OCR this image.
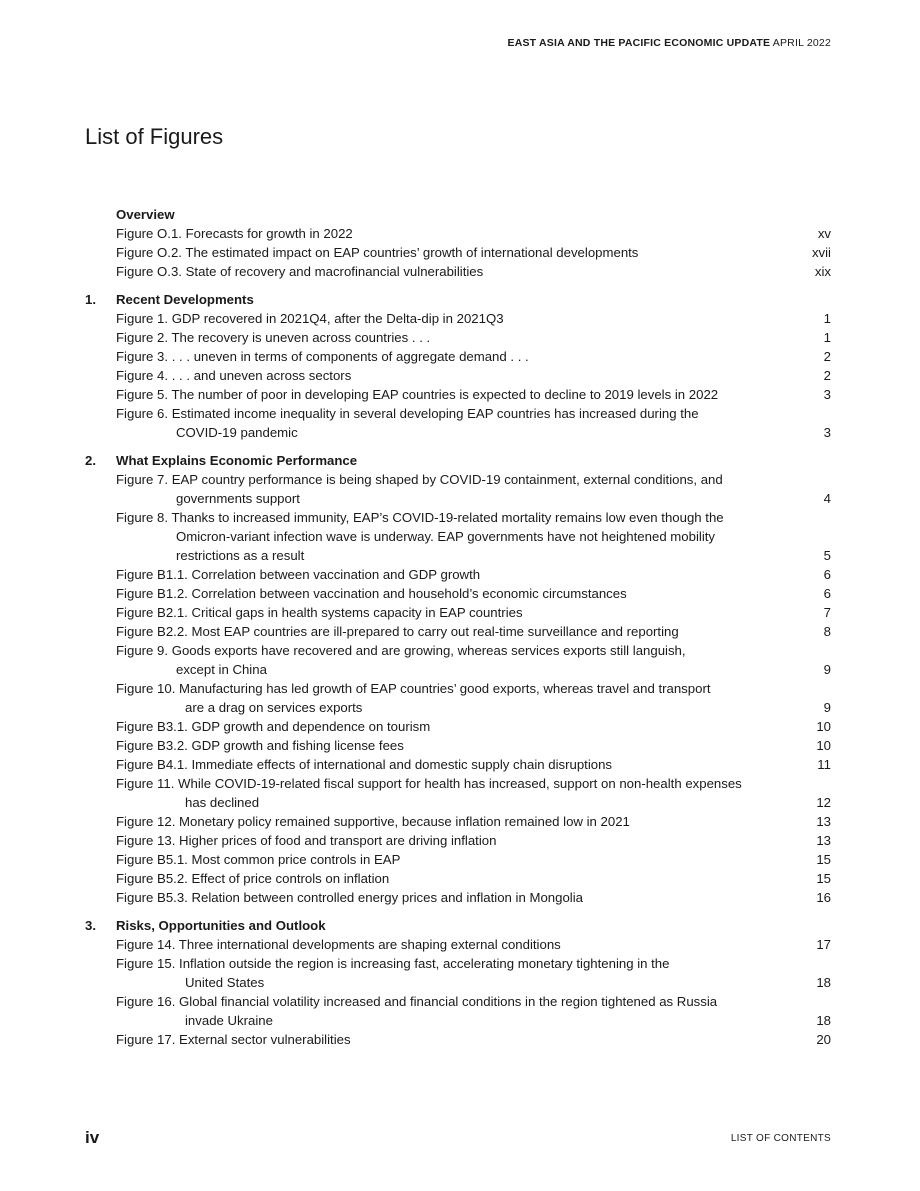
EAST ASIA AND THE PACIFIC ECONOMIC UPDATE APRIL 2022
List of Figures
Overview
Figure O.1. Forecasts for growth in 2022	xv
Figure O.2. The estimated impact on EAP countries’ growth of international developments	xvii
Figure O.3. State of recovery and macrofinancial vulnerabilities	xix
1.	Recent Developments
Figure 1. GDP recovered in 2021Q4, after the Delta-dip in 2021Q3	1
Figure 2. The recovery is uneven across countries . . .	1
Figure 3. . . . uneven in terms of components of aggregate demand . . .	2
Figure 4. . . . and uneven across sectors	2
Figure 5. The number of poor in developing EAP countries is expected to decline to 2019 levels in 2022	3
Figure 6. Estimated income inequality in several developing EAP countries has increased during the
COVID-19 pandemic	3
2.	What Explains Economic Performance
Figure 7. EAP country performance is being shaped by COVID-19 containment, external conditions, and
governments support	4
Figure 8. Thanks to increased immunity, EAP’s COVID-19-related mortality remains low even though the
Omicron-variant infection wave is underway. EAP governments have not heightened mobility
restrictions as a result	5
Figure B1.1. Correlation between vaccination and GDP growth	6
Figure B1.2. Correlation between vaccination and household’s economic circumstances	6
Figure B2.1. Critical gaps in health systems capacity in EAP countries	7
Figure B2.2. Most EAP countries are ill-prepared to carry out real-time surveillance and reporting	8
Figure 9. Goods exports have recovered and are growing, whereas services exports still languish,
except in China	9
Figure 10. Manufacturing has led growth of EAP countries’ good exports, whereas travel and transport
are a drag on services exports	9
Figure B3.1. GDP growth and dependence on tourism	10
Figure B3.2. GDP growth and fishing license fees	10
Figure B4.1. Immediate effects of international and domestic supply chain disruptions	11
Figure 11. While COVID-19-related fiscal support for health has increased, support on non-health expenses
has declined	12
Figure 12. Monetary policy remained supportive, because inflation remained low in 2021	13
Figure 13. Higher prices of food and transport are driving inflation	13
Figure B5.1. Most common price controls in EAP	15
Figure B5.2. Effect of price controls on inflation	15
Figure B5.3. Relation between controlled energy prices and inflation in Mongolia	16
3.	Risks, Opportunities and Outlook
Figure 14. Three international developments are shaping external conditions	17
Figure 15. Inflation outside the region is increasing fast, accelerating monetary tightening in the
United States	18
Figure 16. Global financial volatility increased and financial conditions in the region tightened as Russia
invade Ukraine	18
Figure 17. External sector vulnerabilities	20
iv	LIST OF CONTENTS
